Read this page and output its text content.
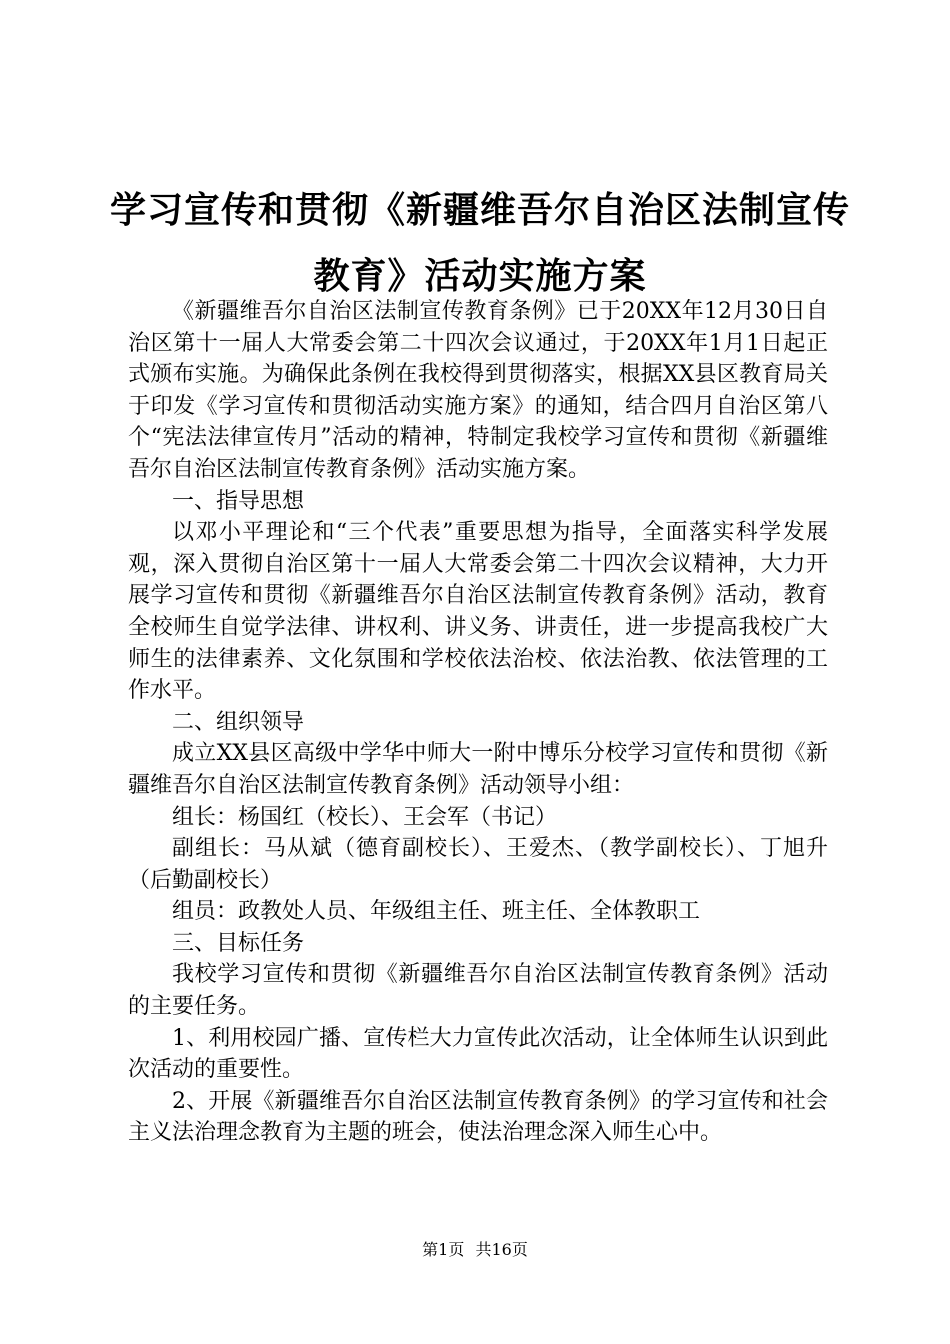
学习宣传和贯彻《新疆维吾尔自治区法制宣传
教育》活动实施方案

《新疆维吾尔自治区法制宣传教育条例》已于20XX年12月30日自治区第十一届人大常委会第二十四次会议通过，于20XX年1月1日起正式颁布实施。为确保此条例在我校得到贯彻落实，根据XX县区教育局关于印发《学习宣传和贯彻活动实施方案》的通知，结合四月自治区第八个“宪法法律宣传月”活动的精神，特制定我校学习宣传和贯彻《新疆维吾尔自治区法制宣传教育条例》活动实施方案。

一、指导思想

以邓小平理论和“三个代表”重要思想为指导，全面落实科学发展观，深入贯彻自治区第十一届人大常委会第二十四次会议精神，大力开展学习宣传和贯彻《新疆维吾尔自治区法制宣传教育条例》活动，教育全校师生自觉学法律、讲权利、讲义务、讲责任，进一步提高我校广大师生的法律素养、文化氛围和学校依法治校、依法治教、依法管理的工作水平。

二、组织领导

成立XX县区高级中学华中师大一附中博乐分校学习宣传和贯彻《新疆维吾尔自治区法制宣传教育条例》活动领导小组：

组长：杨国红（校长）、王会军（书记）

副组长：马从斌（德育副校长）、王爱杰、（教学副校长）、丁旭升（后勤副校长）

组员：政教处人员、年级组主任、班主任、全体教职工

三、目标任务

我校学习宣传和贯彻《新疆维吾尔自治区法制宣传教育条例》活动的主要任务。

1、利用校园广播、宣传栏大力宣传此次活动，让全体师生认识到此次活动的重要性。

2、开展《新疆维吾尔自治区法制宣传教育条例》的学习宣传和社会主义法治理念教育为主题的班会，使法治理念深入师生心中。

第1页 共16页
